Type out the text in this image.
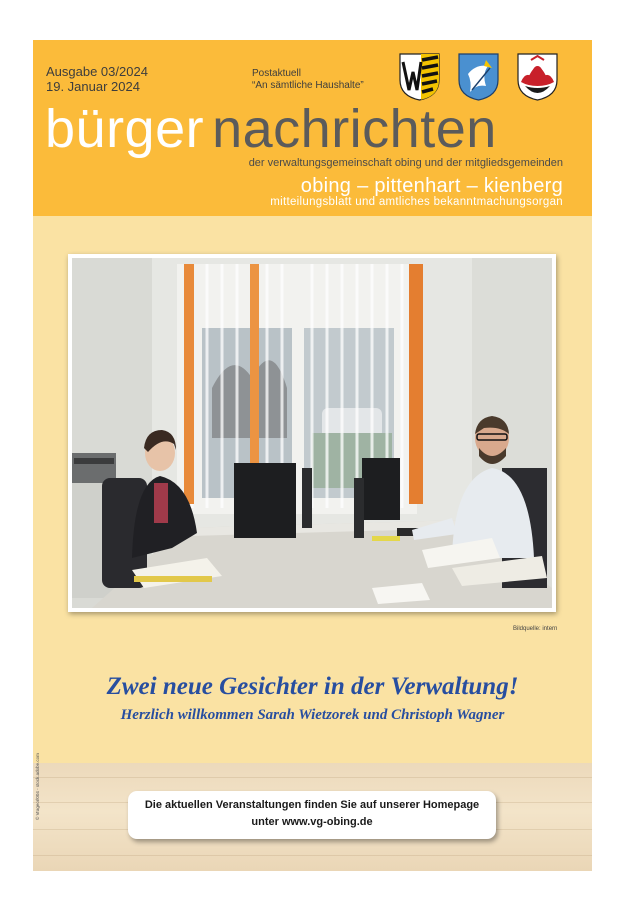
Ausgabe 03/2024
19. Januar 2024
Postaktuell
“An sämtliche Haushalte”
bürger nachrichten
der verwaltungsgemeinschaft obing und der mitgliedsgemeinden
obing – pittenhart – kienberg
mitteilungsblatt und amtliches bekanntmachungsorgan
Bildquelle: intern
Zwei neue Gesichter in der Verwaltung!
Herzlich willkommen Sarah Wietzorek und Christoph Wagner
Die aktuellen Veranstaltungen finden Sie auf unserer Homepage
unter www.vg-obing.de
© Vrageorl004 - stock.adobe.com
